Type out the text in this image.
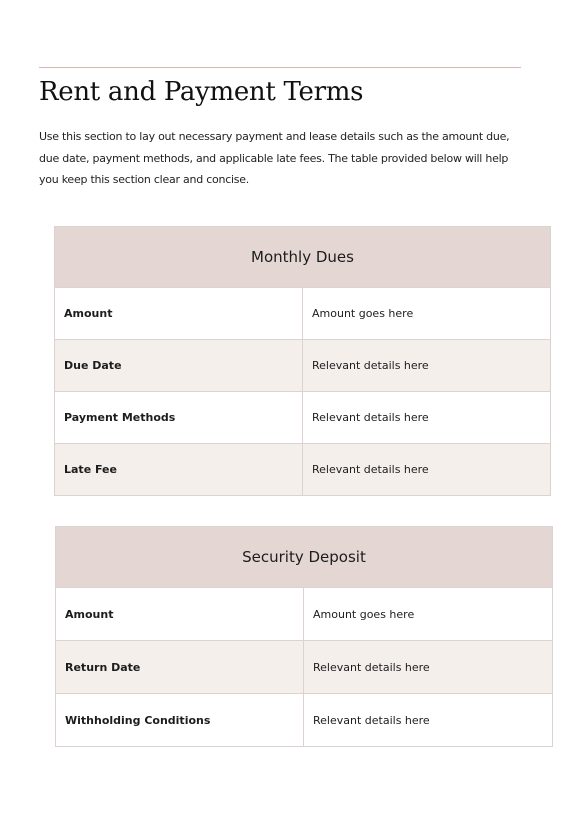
Rent and Payment Terms

Use this section to lay out necessary payment and lease details such as the amount due, due date, payment methods, and applicable late fees. The table provided below will help you keep this section clear and concise.

Monthly Dues	
Amount	Amount goes here
Due Date	Relevant details here
Payment Methods	Relevant details here
Late Fee	Relevant details here
Security Deposit	
Amount	Amount goes here
Return Date	Relevant details here
Withholding Conditions	Relevant details here
